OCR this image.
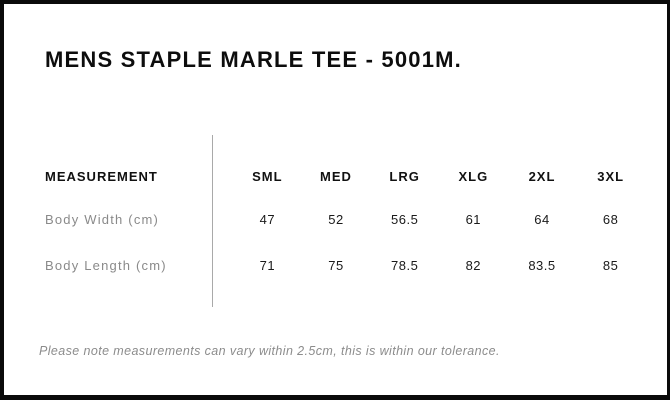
MENS STAPLE MARLE TEE - 5001M.
MEASUREMENT	SML	MED	LRG	XLG	2XL	3XL
Body Width (cm)	47	52	56.5	61	64	68
Body Length (cm)	71	75	78.5	82	83.5	85

Please note measurements can vary within 2.5cm, this is within our tolerance.
